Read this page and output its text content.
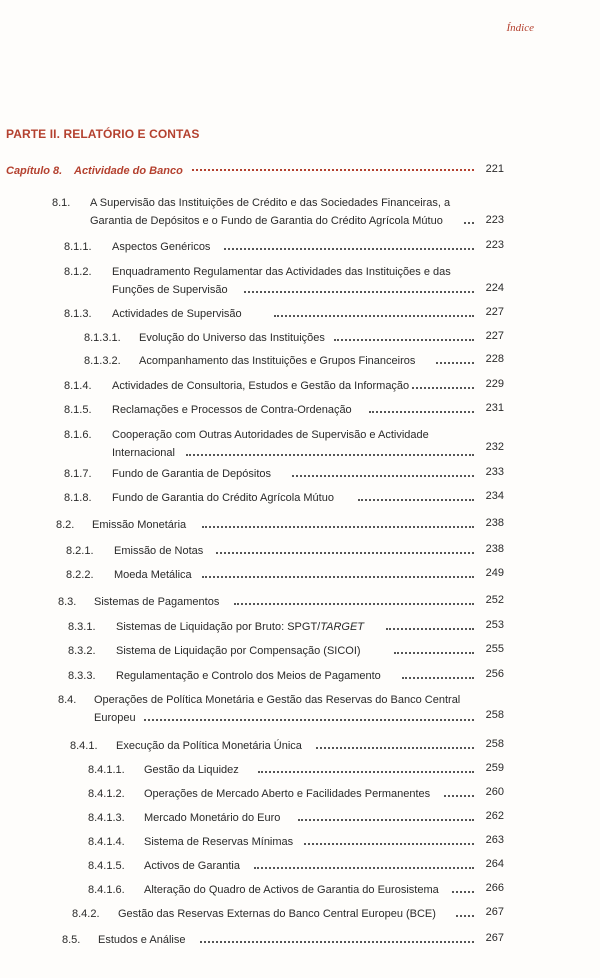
Índice
PARTE II. RELATÓRIO E CONTAS
Capítulo 8. Actividade do Banco	221
8.1. A Supervisão das Instituições de Crédito e das Sociedades Financeiras, a
Garantia de Depósitos e o Fundo de Garantia do Crédito Agrícola Mútuo	223
8.1.1. Aspectos Genéricos	223
8.1.2. Enquadramento Regulamentar das Actividades das Instituições e das
Funções de Supervisão	224
8.1.3. Actividades de Supervisão	227
8.1.3.1. Evolução do Universo das Instituições	227
8.1.3.2. Acompanhamento das Instituições e Grupos Financeiros	228
8.1.4. Actividades de Consultoria, Estudos e Gestão da Informação	229
8.1.5. Reclamações e Processos de Contra-Ordenação	231
8.1.6. Cooperação com Outras Autoridades de Supervisão e Actividade
Internacional	232
8.1.7. Fundo de Garantia de Depósitos	233
8.1.8. Fundo de Garantia do Crédito Agrícola Mútuo	234
8.2. Emissão Monetária	238
8.2.1. Emissão de Notas	238
8.2.2. Moeda Metálica	249
8.3. Sistemas de Pagamentos	252
8.3.1. Sistemas de Liquidação por Bruto: SPGT/TARGET	253
8.3.2. Sistema de Liquidação por Compensação (SICOI)	255
8.3.3. Regulamentação e Controlo dos Meios de Pagamento	256
8.4. Operações de Política Monetária e Gestão das Reservas do Banco Central
Europeu	258
8.4.1. Execução da Política Monetária Única	258
8.4.1.1. Gestão da Liquidez	259
8.4.1.2. Operações de Mercado Aberto e Facilidades Permanentes	260
8.4.1.3. Mercado Monetário do Euro	262
8.4.1.4. Sistema de Reservas Mínimas	263
8.4.1.5. Activos de Garantia	264
8.4.1.6. Alteração do Quadro de Activos de Garantia do Eurosistema	266
8.4.2. Gestão das Reservas Externas do Banco Central Europeu (BCE)	267
8.5. Estudos e Análise	267
